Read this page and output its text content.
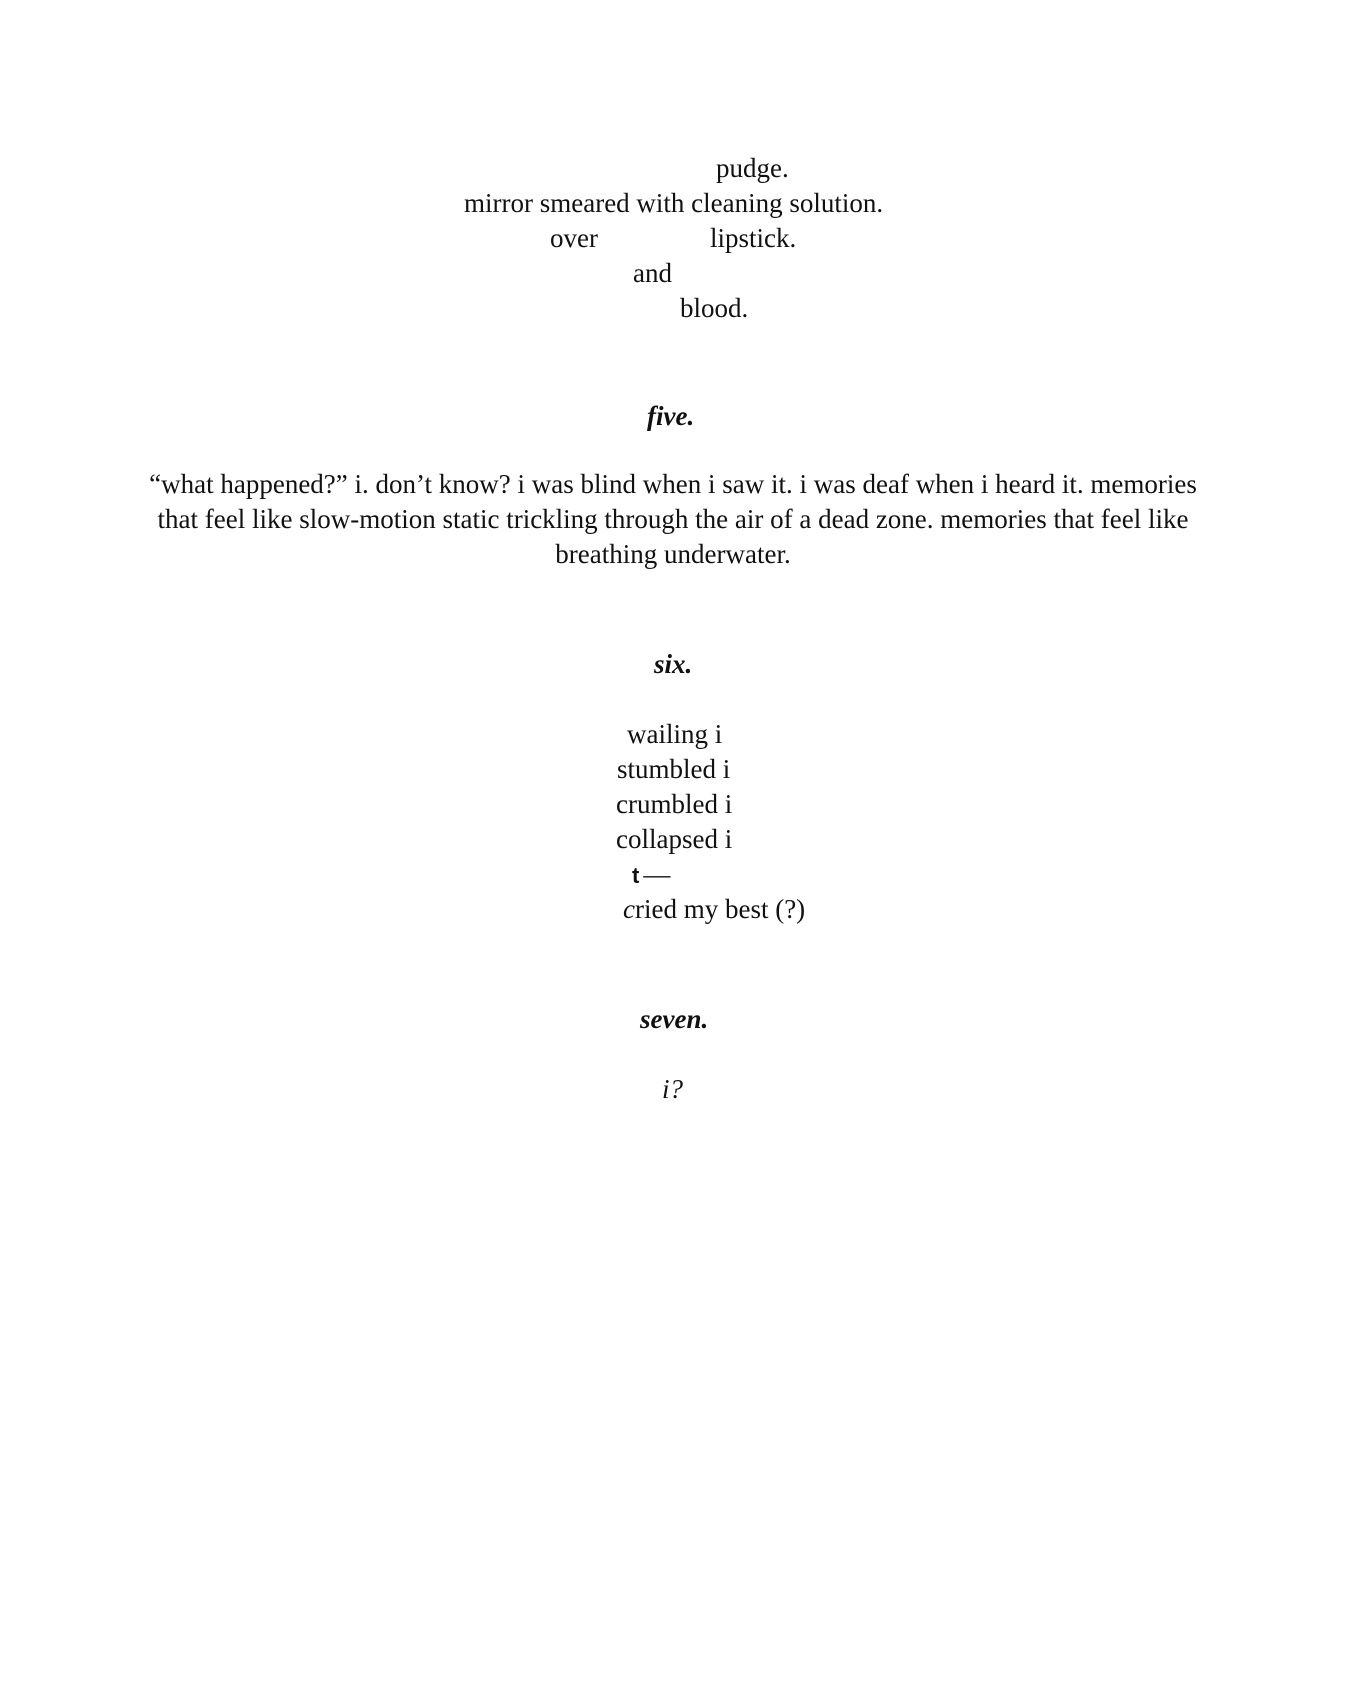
pudge.
mirror smeared with cleaning solution.
over	lipstick.
and
blood.
five.
“what happened?” i. don’t know? i was blind when i saw it. i was deaf when i heard it. memories that feel like slow-motion static trickling through the air of a dead zone. memories that feel like breathing underwater.
six.
wailing i
stumbled i
crumbled i
collapsed i
t —
cried my best (?)
seven.
i?
